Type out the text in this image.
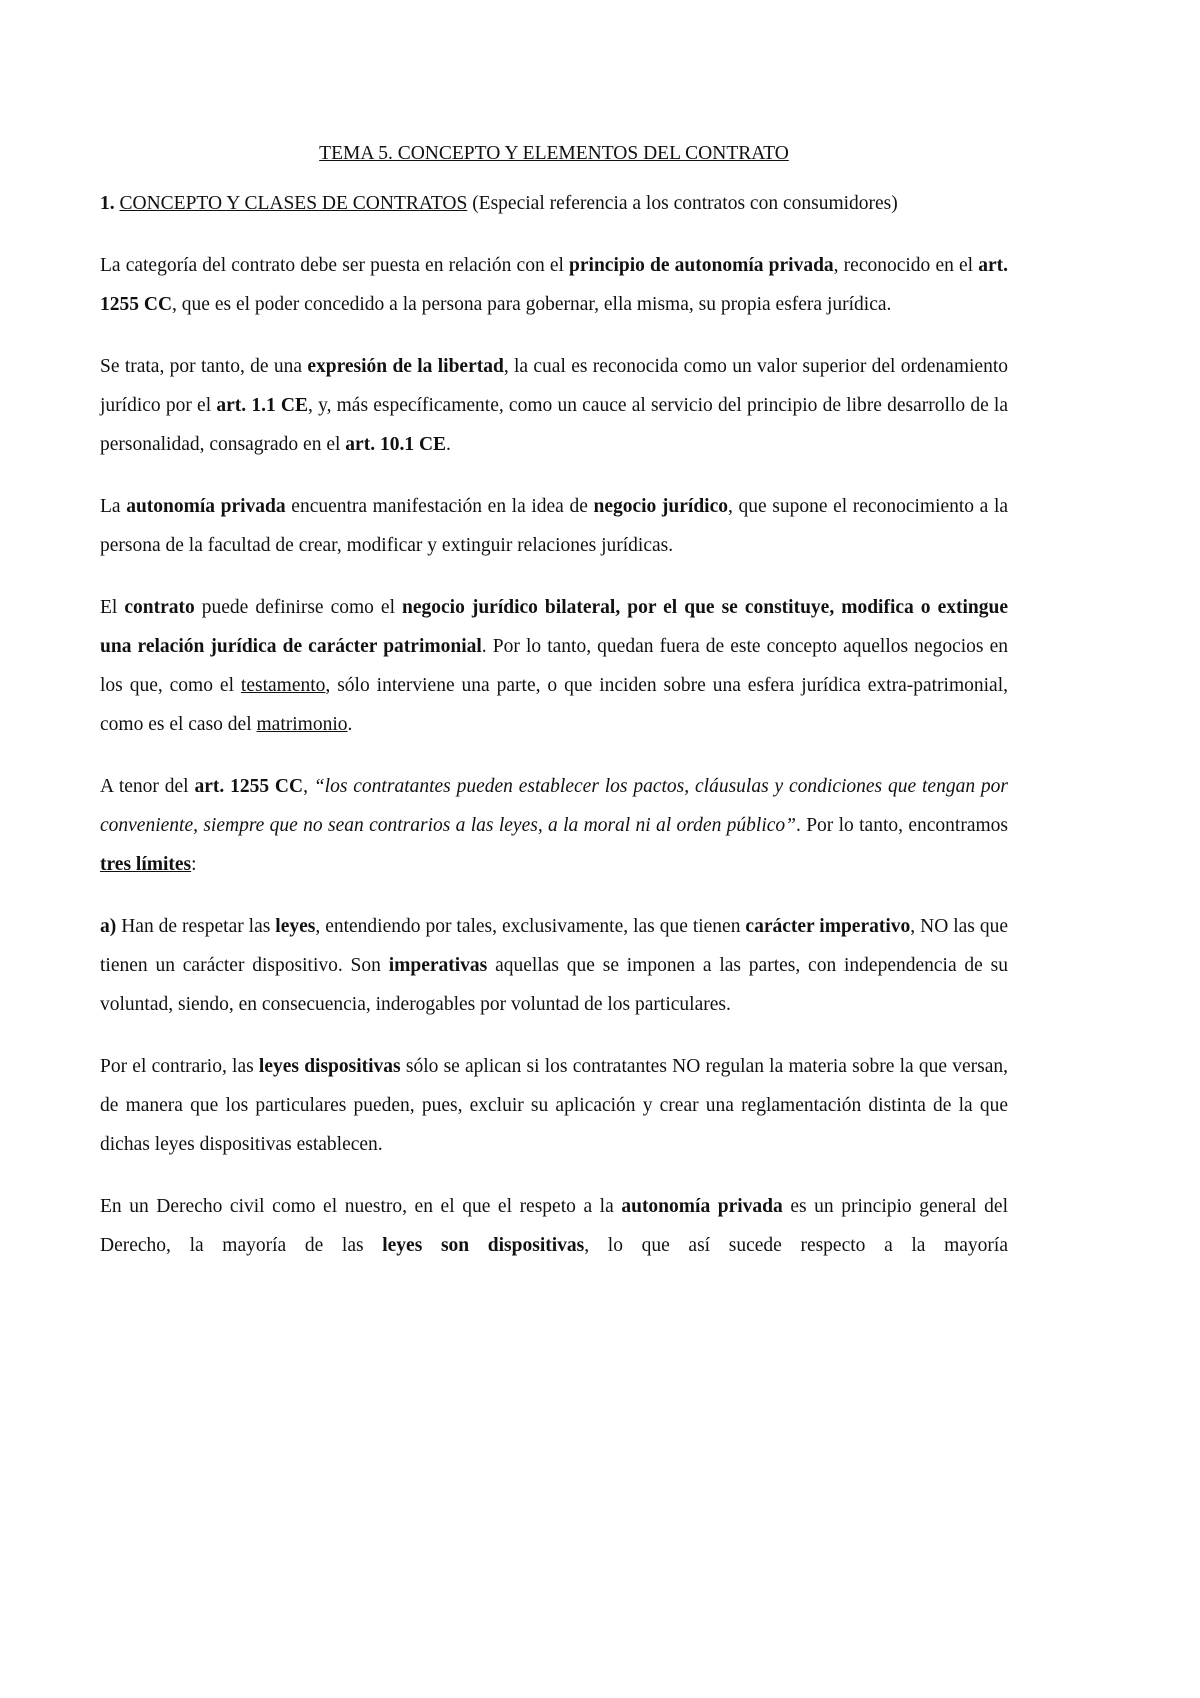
TEMA 5. CONCEPTO Y ELEMENTOS DEL CONTRATO
1. CONCEPTO Y CLASES DE CONTRATOS (Especial referencia a los contratos con consumidores)
La categoría del contrato debe ser puesta en relación con el principio de autonomía privada, reconocido en el art. 1255 CC, que es el poder concedido a la persona para gobernar, ella misma, su propia esfera jurídica.
Se trata, por tanto, de una expresión de la libertad, la cual es reconocida como un valor superior del ordenamiento jurídico por el art. 1.1 CE, y, más específicamente, como un cauce al servicio del principio de libre desarrollo de la personalidad, consagrado en el art. 10.1 CE.
La autonomía privada encuentra manifestación en la idea de negocio jurídico, que supone el reconocimiento a la persona de la facultad de crear, modificar y extinguir relaciones jurídicas.
El contrato puede definirse como el negocio jurídico bilateral, por el que se constituye, modifica o extingue una relación jurídica de carácter patrimonial. Por lo tanto, quedan fuera de este concepto aquellos negocios en los que, como el testamento, sólo interviene una parte, o que inciden sobre una esfera jurídica extra-patrimonial, como es el caso del matrimonio.
A tenor del art. 1255 CC, “los contratantes pueden establecer los pactos, cláusulas y condiciones que tengan por conveniente, siempre que no sean contrarios a las leyes, a la moral ni al orden público”. Por lo tanto, encontramos tres límites:
a) Han de respetar las leyes, entendiendo por tales, exclusivamente, las que tienen carácter imperativo, NO las que tienen un carácter dispositivo. Son imperativas aquellas que se imponen a las partes, con independencia de su voluntad, siendo, en consecuencia, inderogables por voluntad de los particulares.
Por el contrario, las leyes dispositivas sólo se aplican si los contratantes NO regulan la materia sobre la que versan, de manera que los particulares pueden, pues, excluir su aplicación y crear una reglamentación distinta de la que dichas leyes dispositivas establecen.
En un Derecho civil como el nuestro, en el que el respeto a la autonomía privada es un principio general del Derecho, la mayoría de las leyes son dispositivas, lo que así sucede respecto a la mayoría
